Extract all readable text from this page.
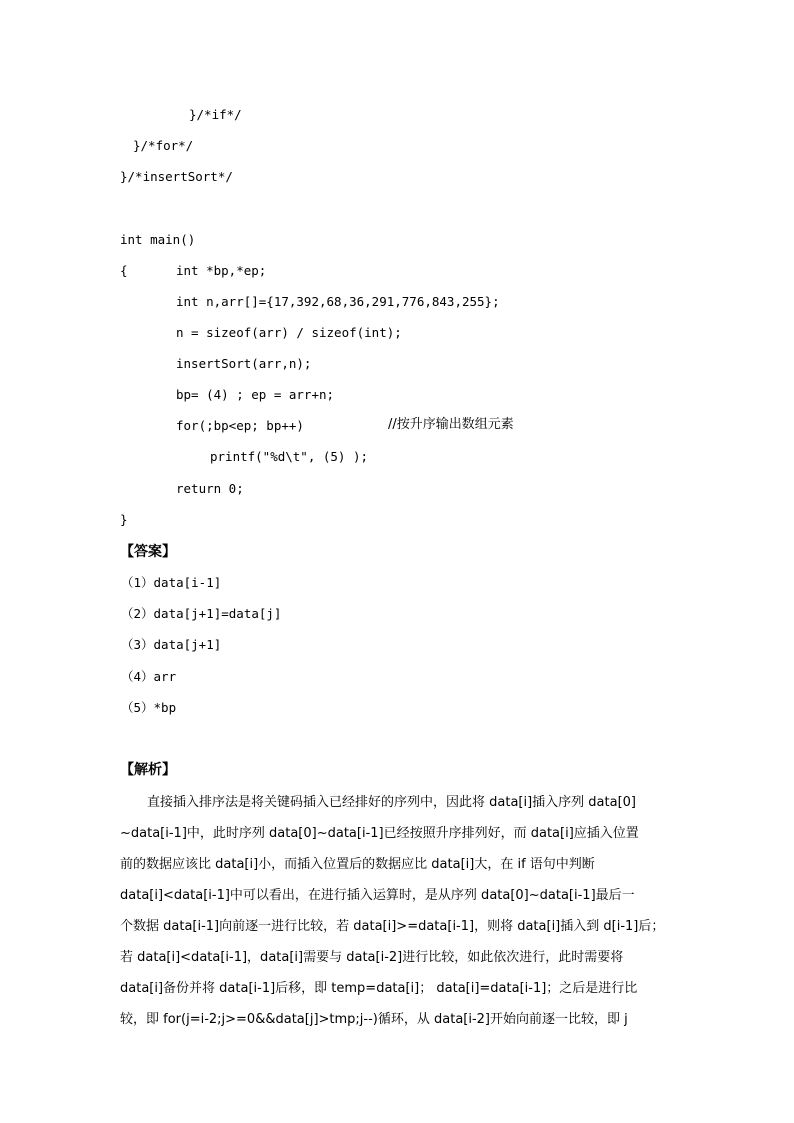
}/*if*/
}/*for*/
}/*insertSort*/
int main()
{	int *bp,*ep;
int n,arr[]={17,392,68,36,291,776,843,255};
n = sizeof(arr) / sizeof(int);
insertSort(arr,n);
bp= (4) ; ep = arr+n;
for(;bp<ep; bp++)	//按升序输出数组元素
printf("%d\t", (5) );
return 0;
}
【答案】
（1）data[i-1]
（2）data[j+1]=data[j]
（3）data[j+1]
（4）arr
（5）*bp
【解析】
直接插入排序法是将关键码插入已经排好的序列中，因此将 data[i]插入序列 data[0]
~data[i-1]中，此时序列 data[0]~data[i-1]已经按照升序排列好，而 data[i]应插入位置
前的数据应该比 data[i]小，而插入位置后的数据应比 data[i]大，在 if 语句中判断
data[i]<data[i-1]中可以看出，在进行插入运算时，是从序列 data[0]~data[i-1]最后一
个数据 data[i-1]向前逐一进行比较，若 data[i]>=data[i-1]，则将 data[i]插入到 d[i-1]后；
若 data[i]<data[i-1]，data[i]需要与 data[i-2]进行比较，如此依次进行，此时需要将
data[i]备份并将 data[i-1]后移，即 temp=data[i]； data[i]=data[i-1]；之后是进行比
较，即 for(j=i-2;j>=0&&data[j]>tmp;j--)循环，从 data[i-2]开始向前逐一比较，即 j
